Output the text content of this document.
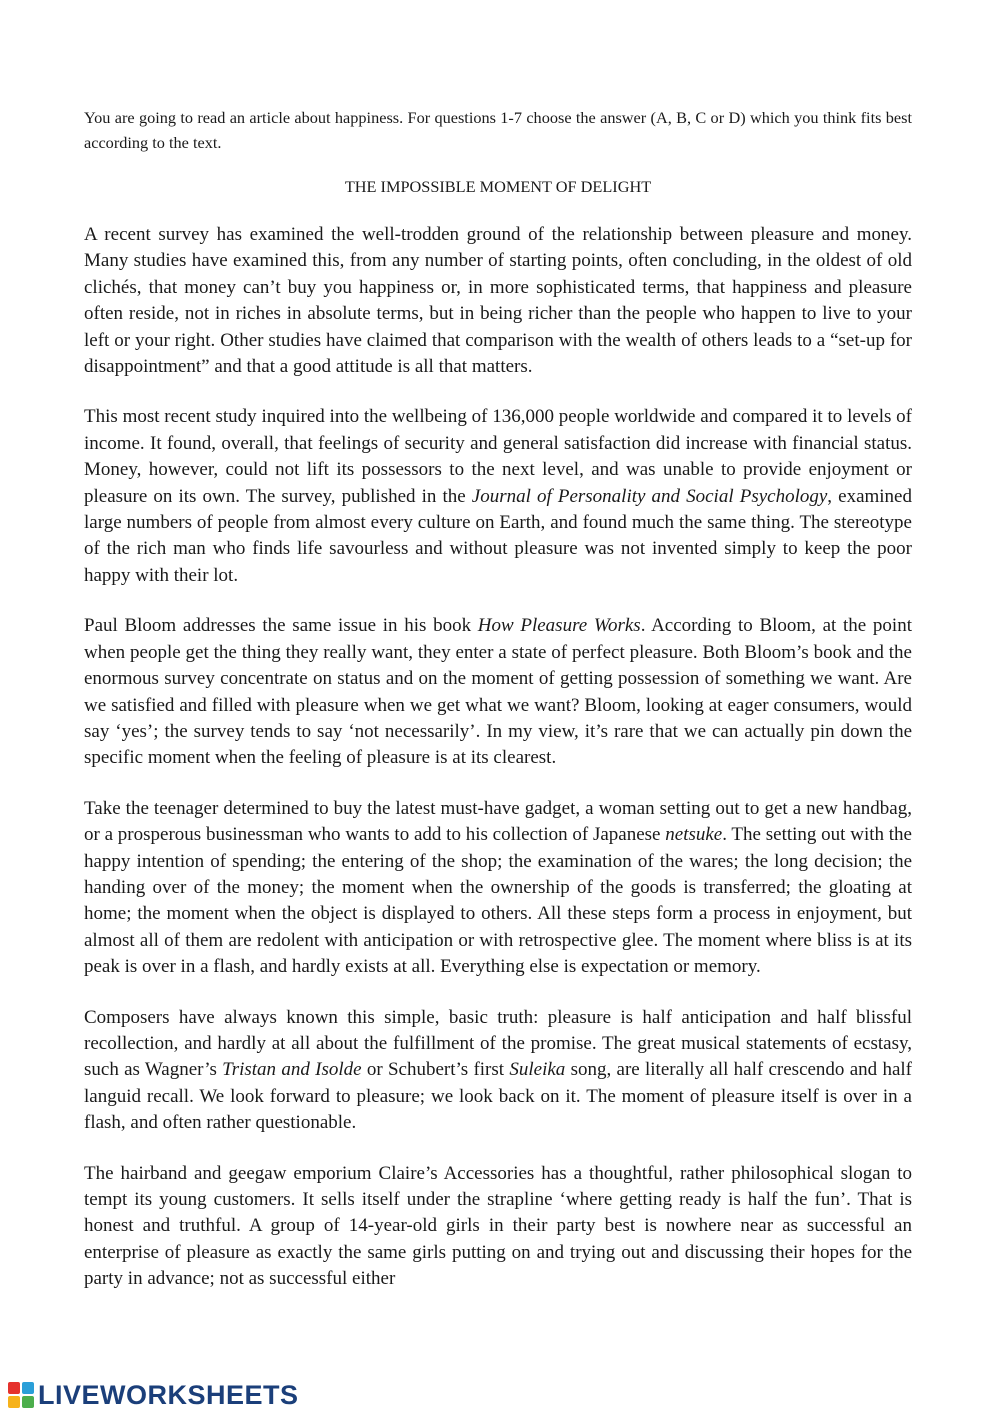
You are going to read an article about happiness. For questions 1-7 choose the answer (A, B, C or D) which you think fits best according to the text.

THE IMPOSSIBLE MOMENT OF DELIGHT

A recent survey has examined the well-trodden ground of the relationship between pleasure and money. Many studies have examined this, from any number of starting points, often concluding, in the oldest of old clichés, that money can’t buy you happiness or, in more sophisticated terms, that happiness and pleasure often reside, not in riches in absolute terms, but in being richer than the people who happen to live to your left or your right. Other studies have claimed that comparison with the wealth of others leads to a “set-up for disappointment” and that a good attitude is all that matters.

This most recent study inquired into the wellbeing of 136,000 people worldwide and compared it to levels of income. It found, overall, that feelings of security and general satisfaction did increase with financial status. Money, however, could not lift its possessors to the next level, and was unable to provide enjoyment or pleasure on its own. The survey, published in the Journal of Personality and Social Psychology, examined large numbers of people from almost every culture on Earth, and found much the same thing. The stereotype of the rich man who finds life savourless and without pleasure was not invented simply to keep the poor happy with their lot.

Paul Bloom addresses the same issue in his book How Pleasure Works. According to Bloom, at the point when people get the thing they really want, they enter a state of perfect pleasure. Both Bloom’s book and the enormous survey concentrate on status and on the moment of getting possession of something we want. Are we satisfied and filled with pleasure when we get what we want? Bloom, looking at eager consumers, would say ‘yes’; the survey tends to say ‘not necessarily’. In my view, it’s rare that we can actually pin down the specific moment when the feeling of pleasure is at its clearest.

Take the teenager determined to buy the latest must-have gadget, a woman setting out to get a new handbag, or a prosperous businessman who wants to add to his collection of Japanese netsuke. The setting out with the happy intention of spending; the entering of the shop; the examination of the wares; the long decision; the handing over of the money; the moment when the ownership of the goods is transferred; the gloating at home; the moment when the object is displayed to others. All these steps form a process in enjoyment, but almost all of them are redolent with anticipation or with retrospective glee. The moment where bliss is at its peak is over in a flash, and hardly exists at all. Everything else is expectation or memory.

Composers have always known this simple, basic truth: pleasure is half anticipation and half blissful recollection, and hardly at all about the fulfillment of the promise. The great musical statements of ecstasy, such as Wagner’s Tristan and Isolde or Schubert’s first Suleika song, are literally all half crescendo and half languid recall. We look forward to pleasure; we look back on it. The moment of pleasure itself is over in a flash, and often rather questionable.

The hairband and geegaw emporium Claire’s Accessories has a thoughtful, rather philosophical slogan to tempt its young customers. It sells itself under the strapline ‘where getting ready is half the fun’. That is honest and truthful. A group of 14-year-old girls in their party best is nowhere near as successful an enterprise of pleasure as exactly the same girls putting on and trying out and discussing their hopes for the party in advance; not as successful either

LIVEWORKSHEETS
